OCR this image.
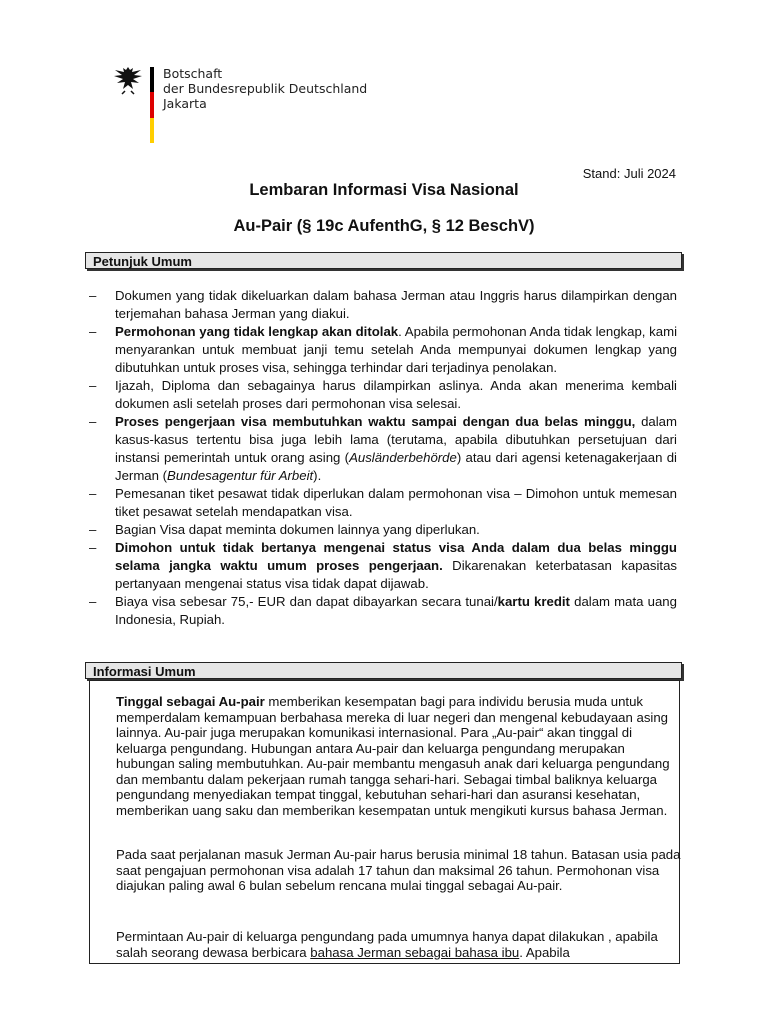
Botschaft
der Bundesrepublik Deutschland
Jakarta
Stand: Juli 2024
Lembaran Informasi Visa Nasional
Au-Pair (§ 19c AufenthG, § 12 BeschV)
Petunjuk Umum
– Dokumen yang tidak dikeluarkan dalam bahasa Jerman atau Inggris harus dilampirkan dengan terjemahan bahasa Jerman yang diakui.
– Permohonan yang tidak lengkap akan ditolak. Apabila permohonan Anda tidak lengkap, kami menyarankan untuk membuat janji temu setelah Anda mempunyai dokumen lengkap yang dibutuhkan untuk proses visa, sehingga terhindar dari terjadinya penolakan.
– Ijazah, Diploma dan sebagainya harus dilampirkan aslinya. Anda akan menerima kembali dokumen asli setelah proses dari permohonan visa selesai.
– Proses pengerjaan visa membutuhkan waktu sampai dengan dua belas minggu, dalam kasus-kasus tertentu bisa juga lebih lama (terutama, apabila dibutuhkan persetujuan dari instansi pemerintah untuk orang asing (Ausländerbehörde) atau dari agensi ketenagakerjaan di Jerman (Bundesagentur für Arbeit).
– Pemesanan tiket pesawat tidak diperlukan dalam permohonan visa – Dimohon untuk memesan tiket pesawat setelah mendapatkan visa.
– Bagian Visa dapat meminta dokumen lainnya yang diperlukan.
– Dimohon untuk tidak bertanya mengenai status visa Anda dalam dua belas minggu selama jangka waktu umum proses pengerjaan. Dikarenakan keterbatasan kapasitas pertanyaan mengenai status visa tidak dapat dijawab.
– Biaya visa sebesar 75,- EUR dan dapat dibayarkan secara tunai/kartu kredit dalam mata uang Indonesia, Rupiah.
Informasi Umum

Tinggal sebagai Au-pair memberikan kesempatan bagi para individu berusia muda untuk memperdalam kemampuan berbahasa mereka di luar negeri dan mengenal kebudayaan asing lainnya. Au-pair juga merupakan komunikasi internasional. Para „Au-pair“ akan tinggal di keluarga pengundang. Hubungan antara Au-pair dan keluarga pengundang merupakan hubungan saling membutuhkan. Au-pair membantu mengasuh anak dari keluarga pengundang dan membantu dalam pekerjaan rumah tangga sehari-hari. Sebagai timbal baliknya keluarga pengundang menyediakan tempat tinggal, kebutuhan sehari-hari dan asuransi kesehatan, memberikan uang saku dan memberikan kesempatan untuk mengikuti kursus bahasa Jerman.

Pada saat perjalanan masuk Jerman Au-pair harus berusia minimal 18 tahun. Batasan usia pada saat pengajuan permohonan visa adalah 17 tahun dan maksimal 26 tahun. Permohonan visa diajukan paling awal 6 bulan sebelum rencana mulai tinggal sebagai Au-pair.

Permintaan Au-pair di keluarga pengundang pada umumnya hanya dapat dilakukan , apabila salah seorang dewasa berbicara bahasa Jerman sebagai bahasa ibu. Apabila
